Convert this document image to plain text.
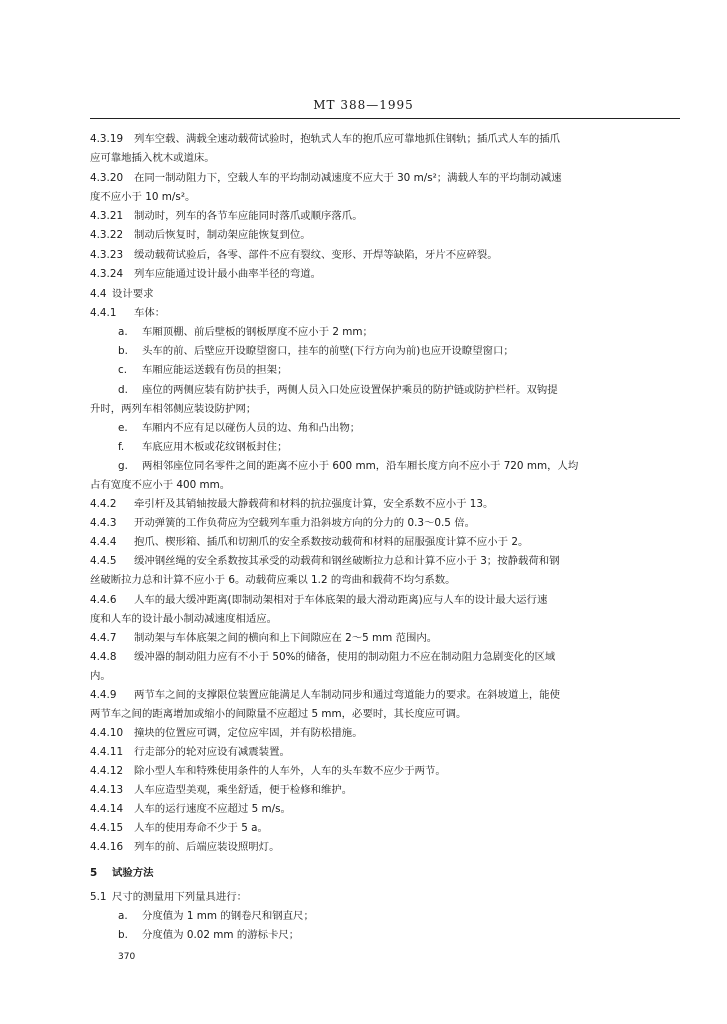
MT 388—1995
4.3.19 列车空载、满载全速动载荷试验时，抱轨式人车的抱爪应可靠地抓住钢轨；插爪式人车的插爪
应可靠地插入枕木或道床。
4.3.20 在同一制动阻力下，空载人车的平均制动减速度不应大于 30 m/s²；满载人车的平均制动减速
度不应小于 10 m/s²。
4.3.21 制动时，列车的各节车应能同时落爪或顺序落爪。
4.3.22 制动后恢复时，制动架应能恢复到位。
4.3.23 缓动载荷试验后，各零、部件不应有裂纹、变形、开焊等缺陷，牙片不应碎裂。
4.3.24 列车应能通过设计最小曲率半径的弯道。
4.4 设计要求
4.4.1 车体：
a. 车厢顶棚、前后壁板的钢板厚度不应小于 2 mm；
b. 头车的前、后壁应开设瞭望窗口，挂车的前壁(下行方向为前)也应开设瞭望窗口；
c. 车厢应能运送载有伤员的担架；
d. 座位的两侧应装有防护扶手，两侧人员入口处应设置保护乘员的防护链或防护栏杆。双钩提
升时，两列车相邻侧应装设防护网；
e. 车厢内不应有足以碰伤人员的边、角和凸出物；
f. 车底应用木板或花纹钢板封住；
g. 两相邻座位同名零件之间的距离不应小于 600 mm，沿车厢长度方向不应小于 720 mm，人均
占有宽度不应小于 400 mm。
4.4.2 牵引杆及其销轴按最大静载荷和材料的抗拉强度计算，安全系数不应小于 13。
4.4.3 开动弹簧的工作负荷应为空载列车重力沿斜坡方向的分力的 0.3～0.5 倍。
4.4.4 抱爪、楔形箱、插爪和切割爪的安全系数按动载荷和材料的屈服强度计算不应小于 2。
4.4.5 缓冲钢丝绳的安全系数按其承受的动载荷和钢丝破断拉力总和计算不应小于 3；按静载荷和钢
丝破断拉力总和计算不应小于 6。动载荷应乘以 1.2 的弯曲和载荷不均匀系数。
4.4.6 人车的最大缓冲距离(即制动架相对于车体底架的最大滑动距离)应与人车的设计最大运行速
度和人车的设计最小制动减速度相适应。
4.4.7 制动架与车体底架之间的横向和上下间隙应在 2～5 mm 范围内。
4.4.8 缓冲器的制动阻力应有不小于 50%的储备，使用的制动阻力不应在制动阻力急剧变化的区域
内。
4.4.9 两节车之间的支撑限位装置应能满足人车制动同步和通过弯道能力的要求。在斜坡道上，能使
两节车之间的距离增加或缩小的间隙量不应超过 5 mm，必要时，其长度应可调。
4.4.10 撞块的位置应可调，定位应牢固，并有防松措施。
4.4.11 行走部分的轮对应设有减震装置。
4.4.12 除小型人车和特殊使用条件的人车外，人车的头车数不应少于两节。
4.4.13 人车应造型美观，乘坐舒适，便于检修和维护。
4.4.14 人车的运行速度不应超过 5 m/s。
4.4.15 人车的使用寿命不少于 5 a。
4.4.16 列车的前、后端应装设照明灯。
5 试验方法
5.1 尺寸的测量用下列量具进行：
a. 分度值为 1 mm 的钢卷尺和钢直尺；
b. 分度值为 0.02 mm 的游标卡尺；
370
